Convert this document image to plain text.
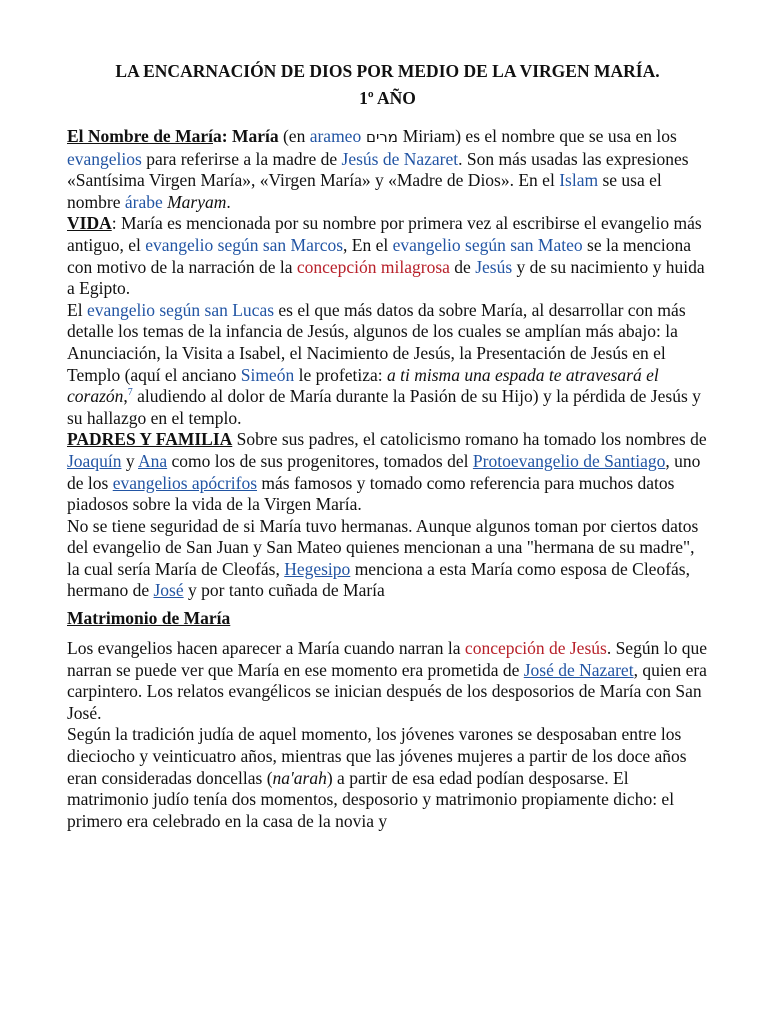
LA ENCARNACIÓN DE DIOS POR MEDIO DE LA VIRGEN MARÍA.
1º AÑO

El Nombre de María: María (en arameo מרים Miriam) es el nombre que se usa en los evangelios para referirse a la madre de Jesús de Nazaret. Son más usadas las expresiones «Santísima Virgen María», «Virgen María» y «Madre de Dios». En el Islam se usa el nombre árabe Maryam.

VIDA: María es mencionada por su nombre por primera vez al escribirse el evangelio más antiguo, el evangelio según san Marcos, En el evangelio según san Mateo se la menciona con motivo de la narración de la concepción milagrosa de Jesús y de su nacimiento y huida a Egipto.

El evangelio según san Lucas es el que más datos da sobre María, al desarrollar con más detalle los temas de la infancia de Jesús, algunos de los cuales se amplían más abajo: la Anunciación, la Visita a Isabel, el Nacimiento de Jesús, la Presentación de Jesús en el Templo (aquí el anciano Simeón le profetiza: a ti misma una espada te atravesará el corazón,$^7$ aludiendo al dolor de María durante la Pasión de su Hijo) y la pérdida de Jesús y su hallazgo en el templo.

PADRES Y FAMILIA Sobre sus padres, el catolicismo romano ha tomado los nombres de Joaquín y Ana como los de sus progenitores, tomados del Protoevangelio de Santiago, uno de los evangelios apócrifos más famosos y tomado como referencia para muchos datos piadosos sobre la vida de la Virgen María.

No se tiene seguridad de si María tuvo hermanas. Aunque algunos toman por ciertos datos del evangelio de San Juan y San Mateo quienes mencionan a una "hermana de su madre", la cual sería María de Cleofás, Hegesipo menciona a esta María como esposa de Cleofás, hermano de José y por tanto cuñada de María

Matrimonio de María

Los evangelios hacen aparecer a María cuando narran la concepción de Jesús. Según lo que narran se puede ver que María en ese momento era prometida de José de Nazaret, quien era carpintero. Los relatos evangélicos se inician después de los desposorios de María con San José.

Según la tradición judía de aquel momento, los jóvenes varones se desposaban entre los dieciocho y veinticuatro años, mientras que las jóvenes mujeres a partir de los doce años eran consideradas doncellas (na'arah) a partir de esa edad podían desposarse. El matrimonio judío tenía dos momentos, desposorio y matrimonio propiamente dicho: el primero era celebrado en la casa de la novia y
